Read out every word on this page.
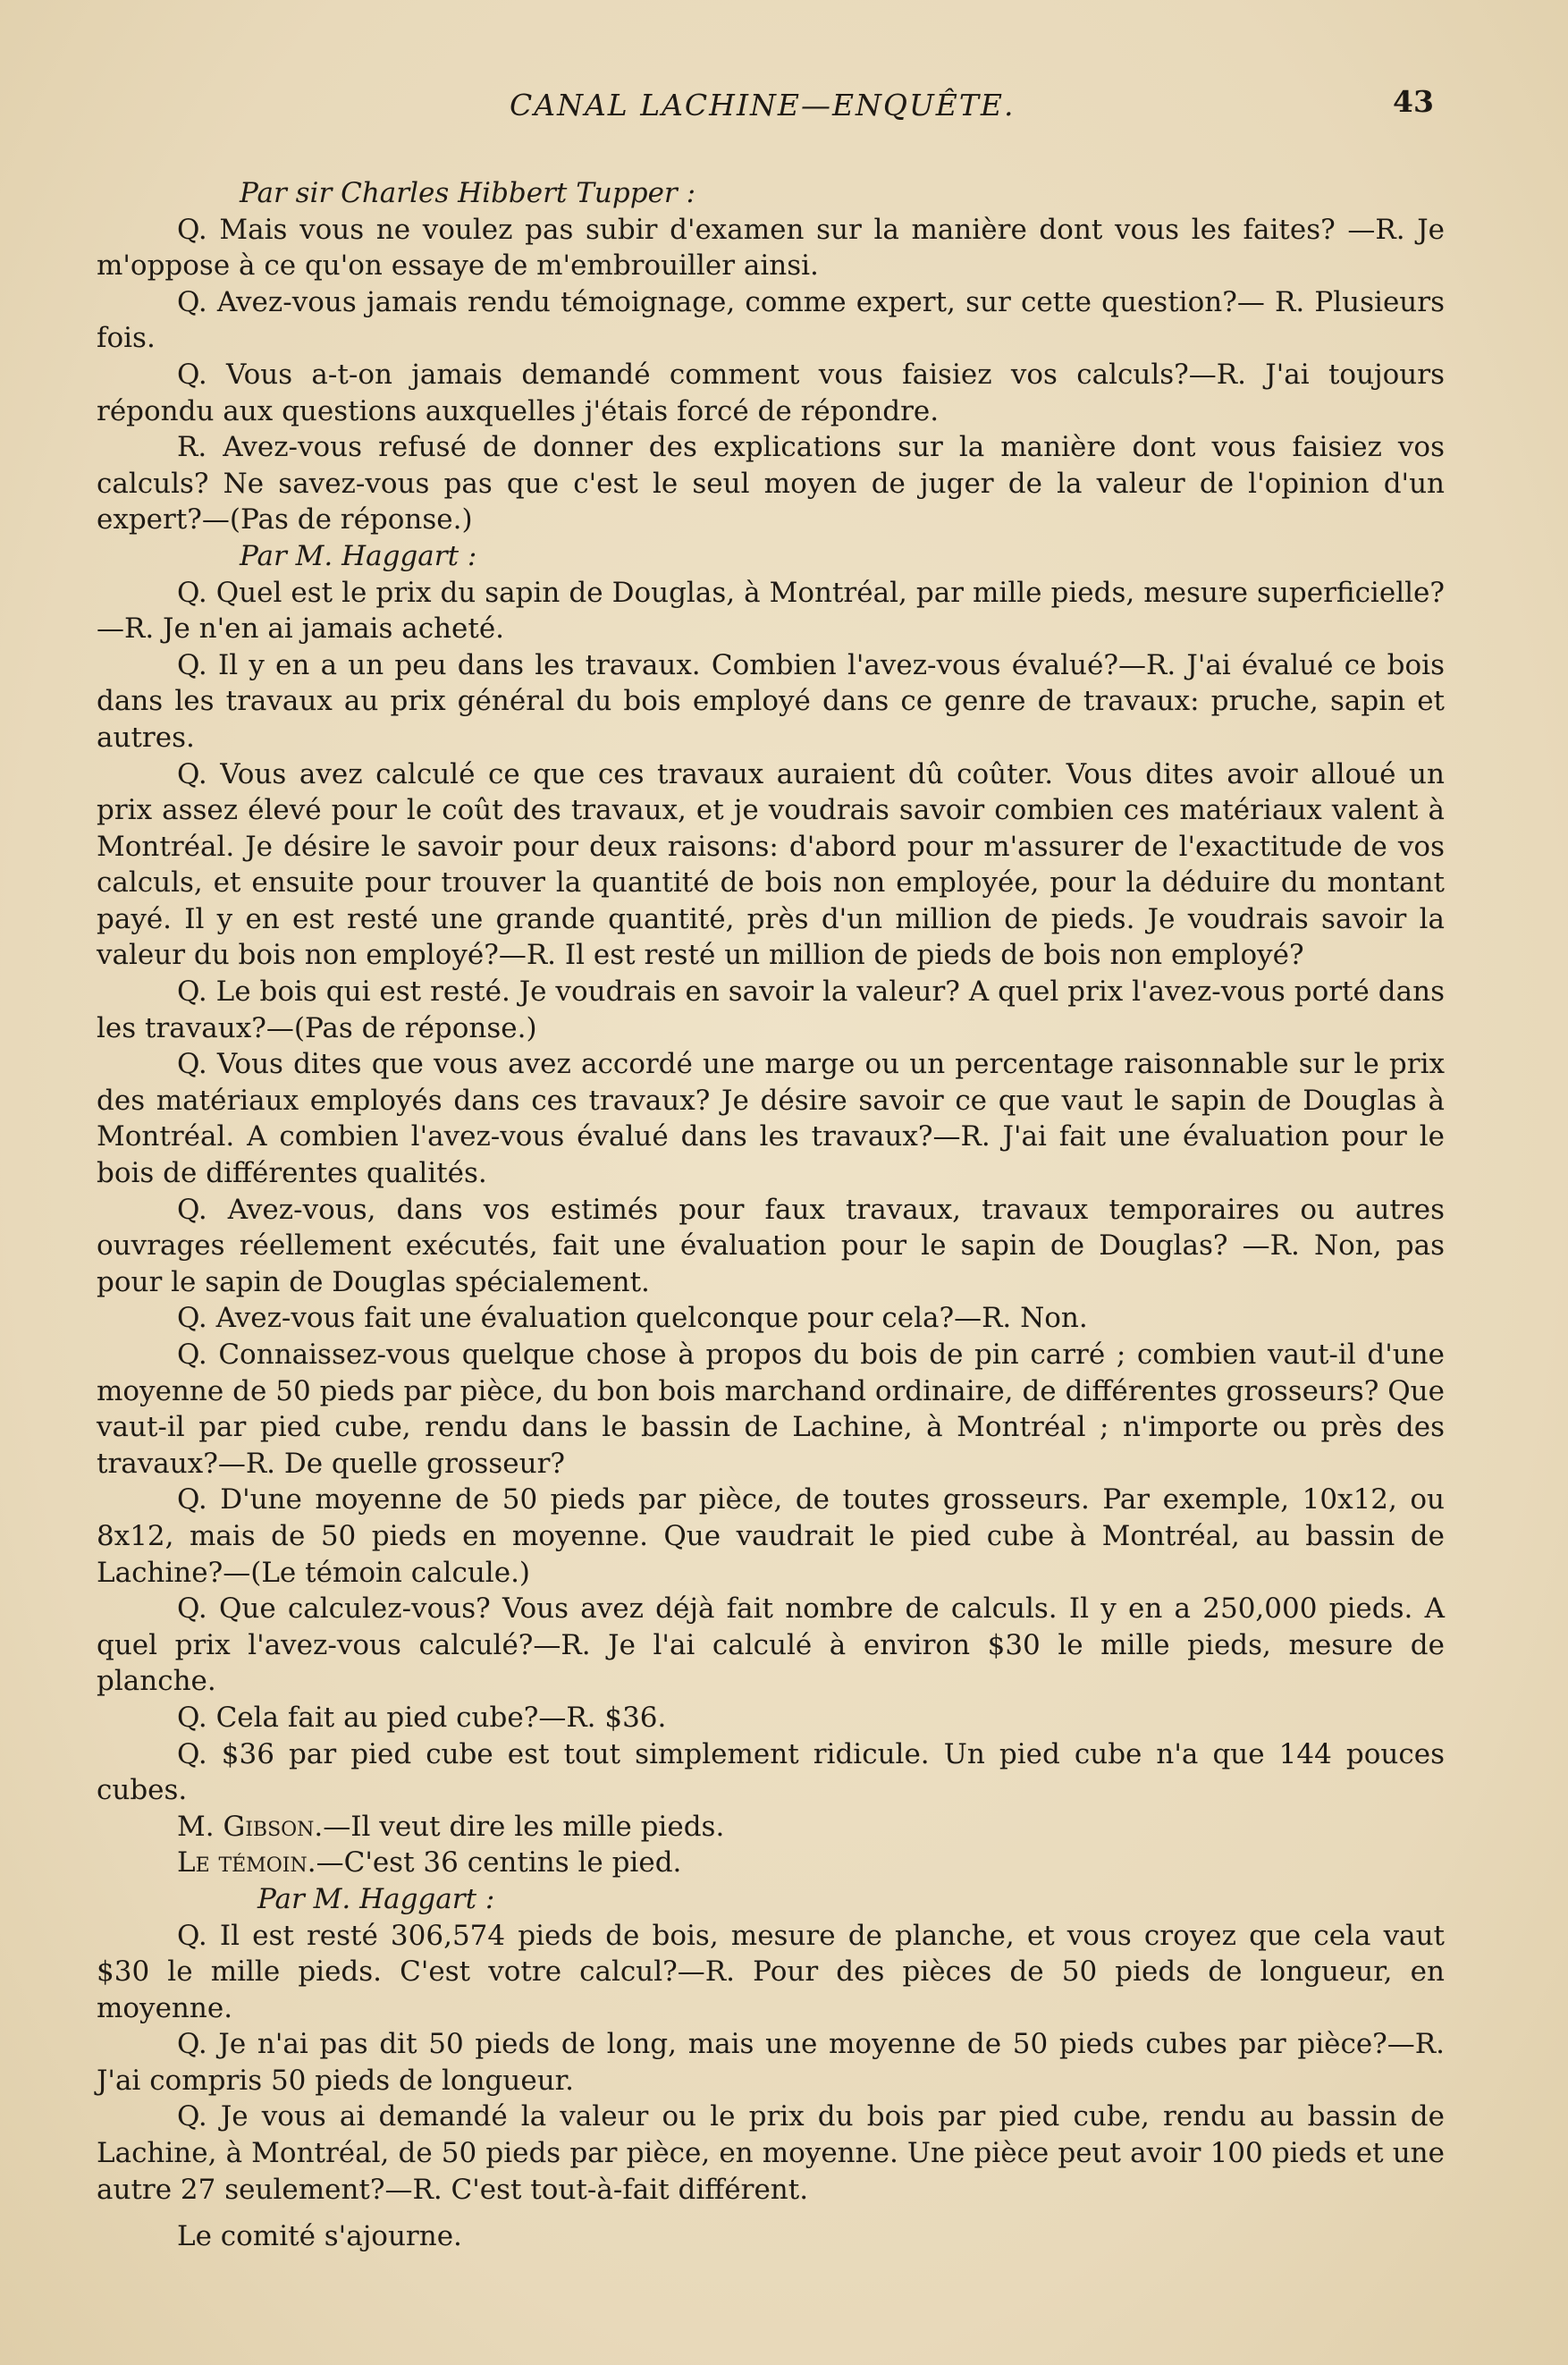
CANAL LACHINE—ENQUÊTE.	43

Par sir Charles Hibbert Tupper :

Q. Mais vous ne voulez pas subir d'examen sur la manière dont vous les faites? —R. Je m'oppose à ce qu'on essaye de m'embrouiller ainsi.

Q. Avez-vous jamais rendu témoignage, comme expert, sur cette question?— R. Plusieurs fois.

Q. Vous a-t-on jamais demandé comment vous faisiez vos calculs?—R. J'ai toujours répondu aux questions auxquelles j'étais forcé de répondre.

R. Avez-vous refusé de donner des explications sur la manière dont vous faisiez vos calculs? Ne savez-vous pas que c'est le seul moyen de juger de la valeur de l'opinion d'un expert?—(Pas de réponse.)

Par M. Haggart :

Q. Quel est le prix du sapin de Douglas, à Montréal, par mille pieds, mesure superficielle?—R. Je n'en ai jamais acheté.

Q. Il y en a un peu dans les travaux. Combien l'avez-vous évalué?—R. J'ai évalué ce bois dans les travaux au prix général du bois employé dans ce genre de travaux: pruche, sapin et autres.

Q. Vous avez calculé ce que ces travaux auraient dû coûter. Vous dites avoir alloué un prix assez élevé pour le coût des travaux, et je voudrais savoir combien ces matériaux valent à Montréal. Je désire le savoir pour deux raisons: d'abord pour m'assurer de l'exactitude de vos calculs, et ensuite pour trouver la quantité de bois non employée, pour la déduire du montant payé. Il y en est resté une grande quantité, près d'un million de pieds. Je voudrais savoir la valeur du bois non employé?—R. Il est resté un million de pieds de bois non employé?

Q. Le bois qui est resté. Je voudrais en savoir la valeur? A quel prix l'avez-vous porté dans les travaux?—(Pas de réponse.)

Q. Vous dites que vous avez accordé une marge ou un percentage raisonnable sur le prix des matériaux employés dans ces travaux? Je désire savoir ce que vaut le sapin de Douglas à Montréal. A combien l'avez-vous évalué dans les travaux?—R. J'ai fait une évaluation pour le bois de différentes qualités.

Q. Avez-vous, dans vos estimés pour faux travaux, travaux temporaires ou autres ouvrages réellement exécutés, fait une évaluation pour le sapin de Douglas? —R. Non, pas pour le sapin de Douglas spécialement.

Q. Avez-vous fait une évaluation quelconque pour cela?—R. Non.

Q. Connaissez-vous quelque chose à propos du bois de pin carré ; combien vaut-il d'une moyenne de 50 pieds par pièce, du bon bois marchand ordinaire, de différentes grosseurs? Que vaut-il par pied cube, rendu dans le bassin de Lachine, à Montréal ; n'importe ou près des travaux?—R. De quelle grosseur?

Q. D'une moyenne de 50 pieds par pièce, de toutes grosseurs. Par exemple, 10x12, ou 8x12, mais de 50 pieds en moyenne. Que vaudrait le pied cube à Montréal, au bassin de Lachine?—(Le témoin calcule.)

Q. Que calculez-vous? Vous avez déjà fait nombre de calculs. Il y en a 250,000 pieds. A quel prix l'avez-vous calculé?—R. Je l'ai calculé à environ $30 le mille pieds, mesure de planche.

Q. Cela fait au pied cube?—R. $36.

Q. $36 par pied cube est tout simplement ridicule. Un pied cube n'a que 144 pouces cubes.

M. Gibson.—Il veut dire les mille pieds.

Le témoin.—C'est 36 centins le pied.

Par M. Haggart :

Q. Il est resté 306,574 pieds de bois, mesure de planche, et vous croyez que cela vaut $30 le mille pieds. C'est votre calcul?—R. Pour des pièces de 50 pieds de longueur, en moyenne.

Q. Je n'ai pas dit 50 pieds de long, mais une moyenne de 50 pieds cubes par pièce?—R. J'ai compris 50 pieds de longueur.

Q. Je vous ai demandé la valeur ou le prix du bois par pied cube, rendu au bassin de Lachine, à Montréal, de 50 pieds par pièce, en moyenne. Une pièce peut avoir 100 pieds et une autre 27 seulement?—R. C'est tout-à-fait différent.

Le comité s'ajourne.
